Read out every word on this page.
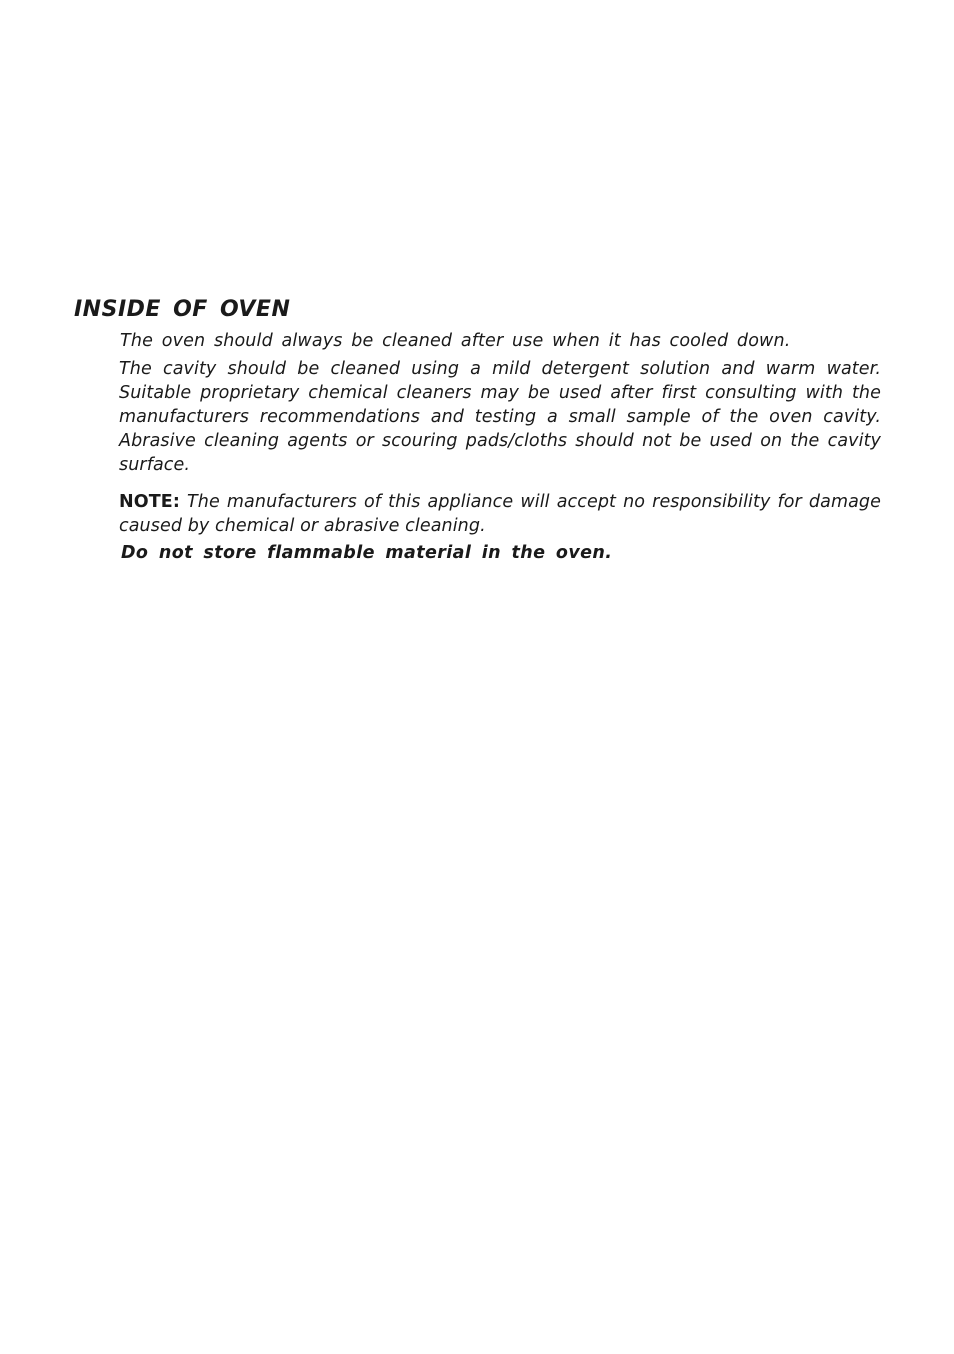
INSIDE OF OVEN

The oven should always be cleaned after use when it has cooled down.

The cavity should be cleaned using a mild detergent solution and warm water. Suitable proprietary chemical cleaners may be used after first consulting with the manufacturers recommendations and testing a small sample of the oven cavity. Abrasive cleaning agents or scouring pads/cloths should not be used on the cavity surface.

NOTE: The manufacturers of this appliance will accept no responsibility for damage caused by chemical or abrasive cleaning.

Do not store flammable material in the oven.
